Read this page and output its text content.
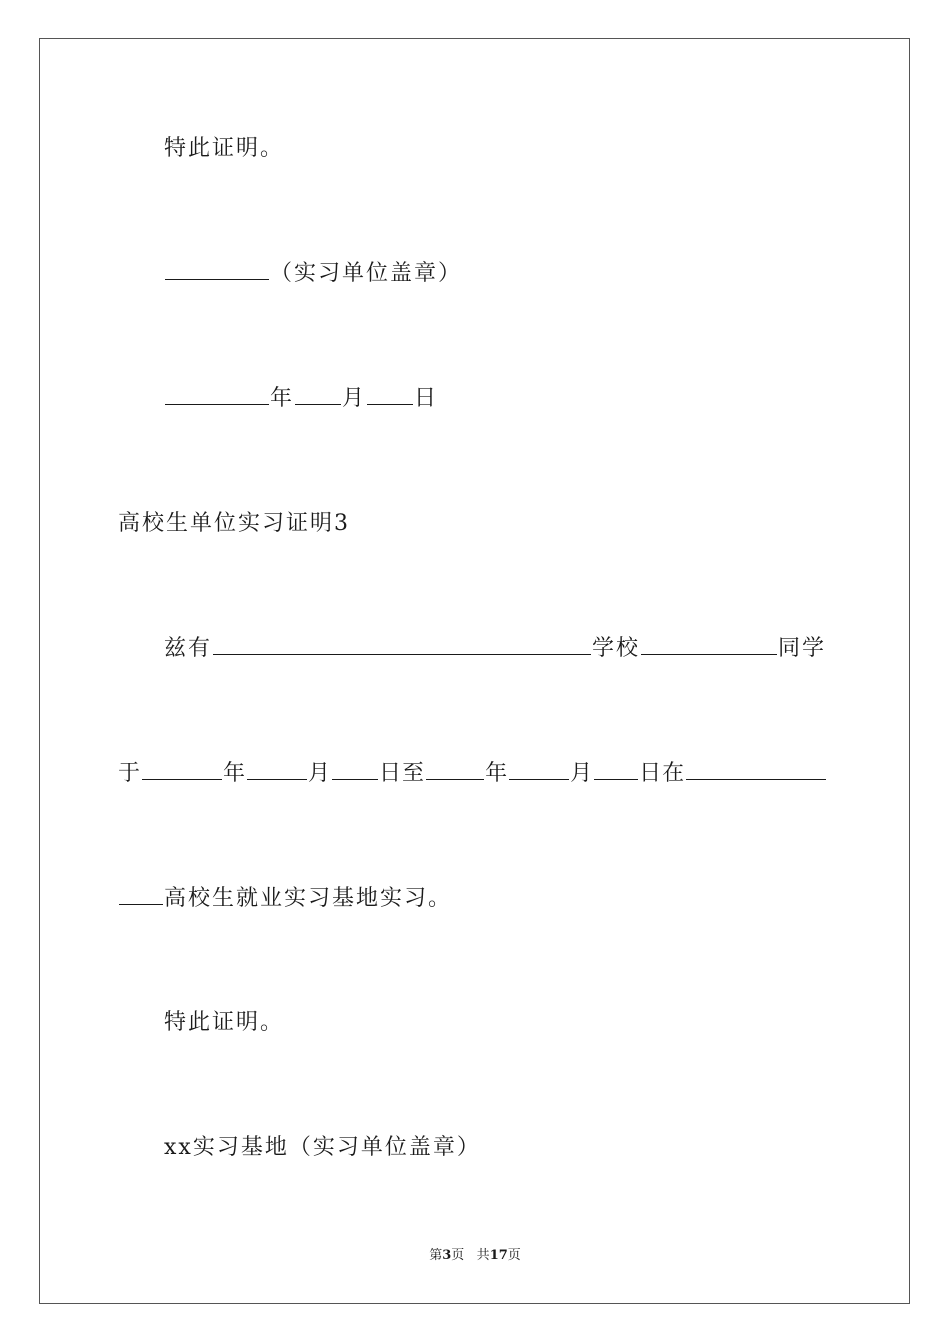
特此证明。
（实习单位盖章）
年 月 日
高校生单位实习证明3
兹有	学校	同学
于	年	月 日至	年	月 日在
高校生就业实习基地实习。
特此证明。
xx实习基地（实习单位盖章）
第3页 共17页
